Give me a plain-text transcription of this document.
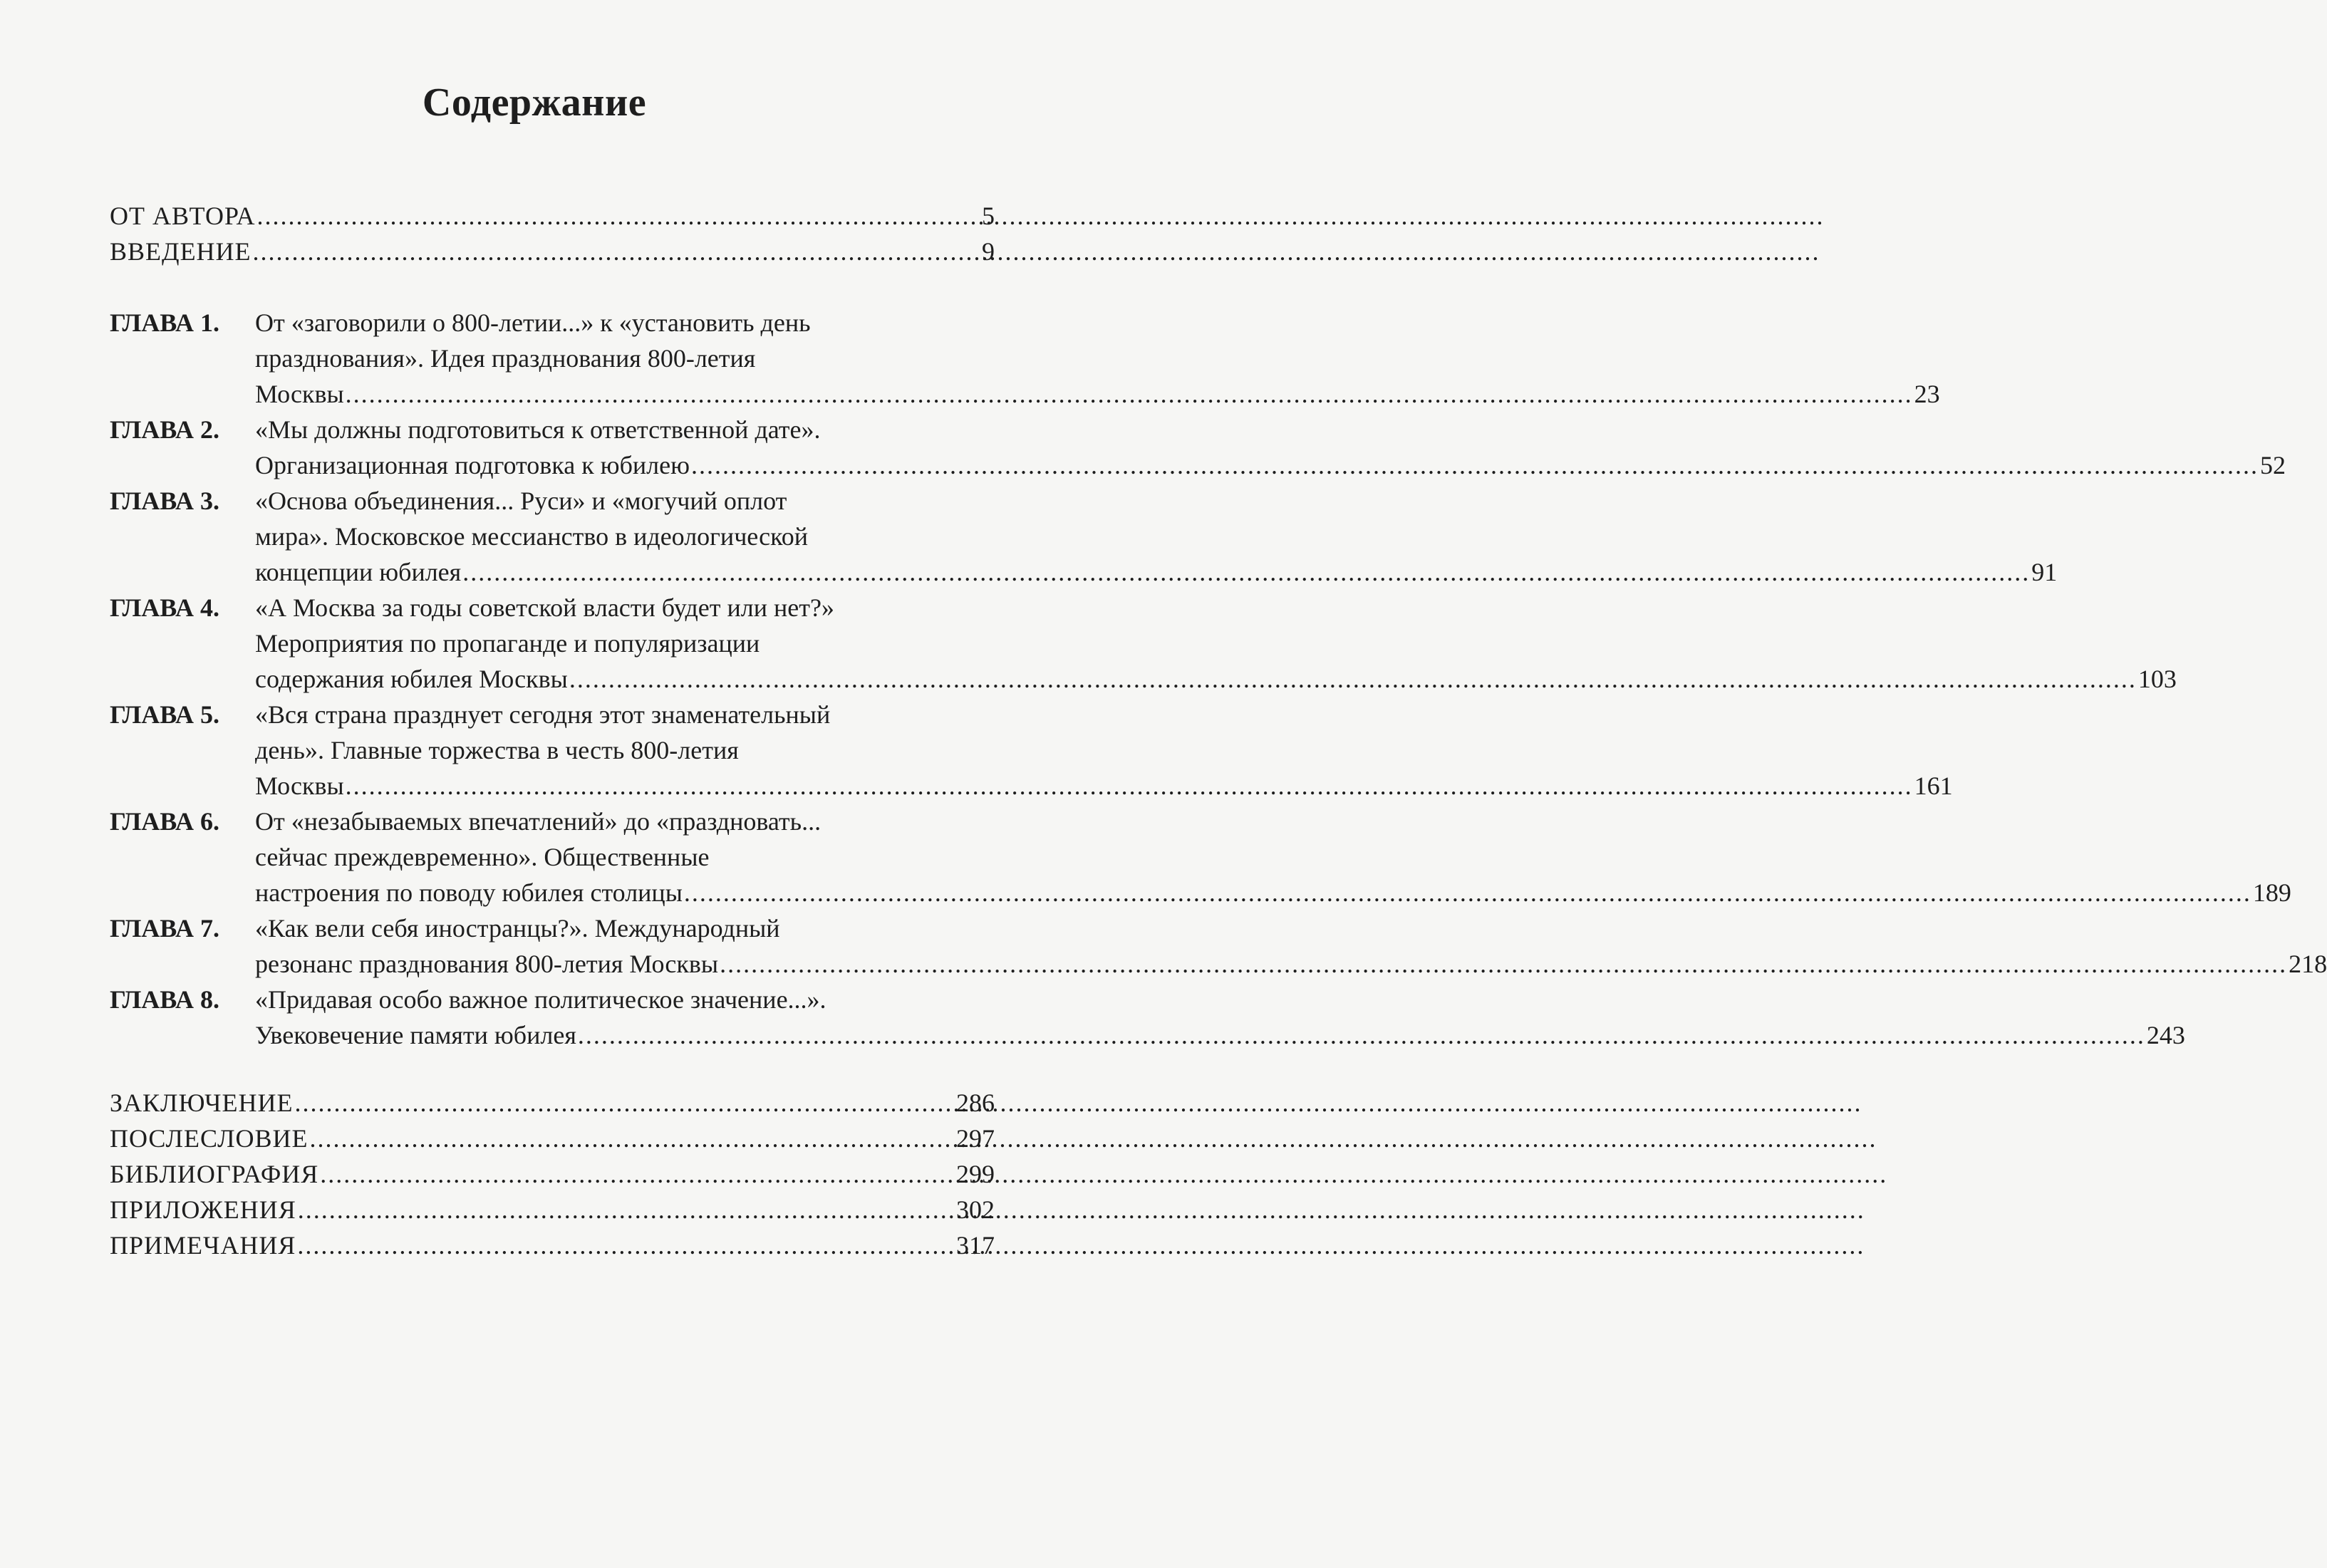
Содержание
ОТ АВТОРА .....	5
ВВЕДЕНИЕ .....	9
ГЛАВА 1.	От «заговорили о 800-летии...» к «установить день
празднования». Идея празднования 800-летия
Москвы .....	23
ГЛАВА 2.	«Мы должны подготовиться к ответственной дате».
Организационная подготовка к юбилею .....	52
ГЛАВА 3.	«Основа объединения... Руси» и «могучий оплот
мира». Московское мессианство в идеологической
концепции юбилея .....	91
ГЛАВА 4.	«А Москва за годы советской власти будет или нет?»
Мероприятия по пропаганде и популяризации
содержания юбилея Москвы .....	103
ГЛАВА 5.	«Вся страна празднует сегодня этот знаменательный
день». Главные торжества в честь 800-летия
Москвы .....	161
ГЛАВА 6.	От «незабываемых впечатлений» до «праздновать...
сейчас преждевременно». Общественные
настроения по поводу юбилея столицы .....	189
ГЛАВА 7.	«Как вели себя иностранцы?». Международный
резонанс празднования 800-летия Москвы .....	218
ГЛАВА 8.	«Придавая особо важное политическое значение...».
Увековечение памяти юбилея .....	243
ЗАКЛЮЧЕНИЕ .....	286
ПОСЛЕСЛОВИЕ .....	297
БИБЛИОГРАФИЯ .....	299
ПРИЛОЖЕНИЯ .....	302
ПРИМЕЧАНИЯ .....	317
